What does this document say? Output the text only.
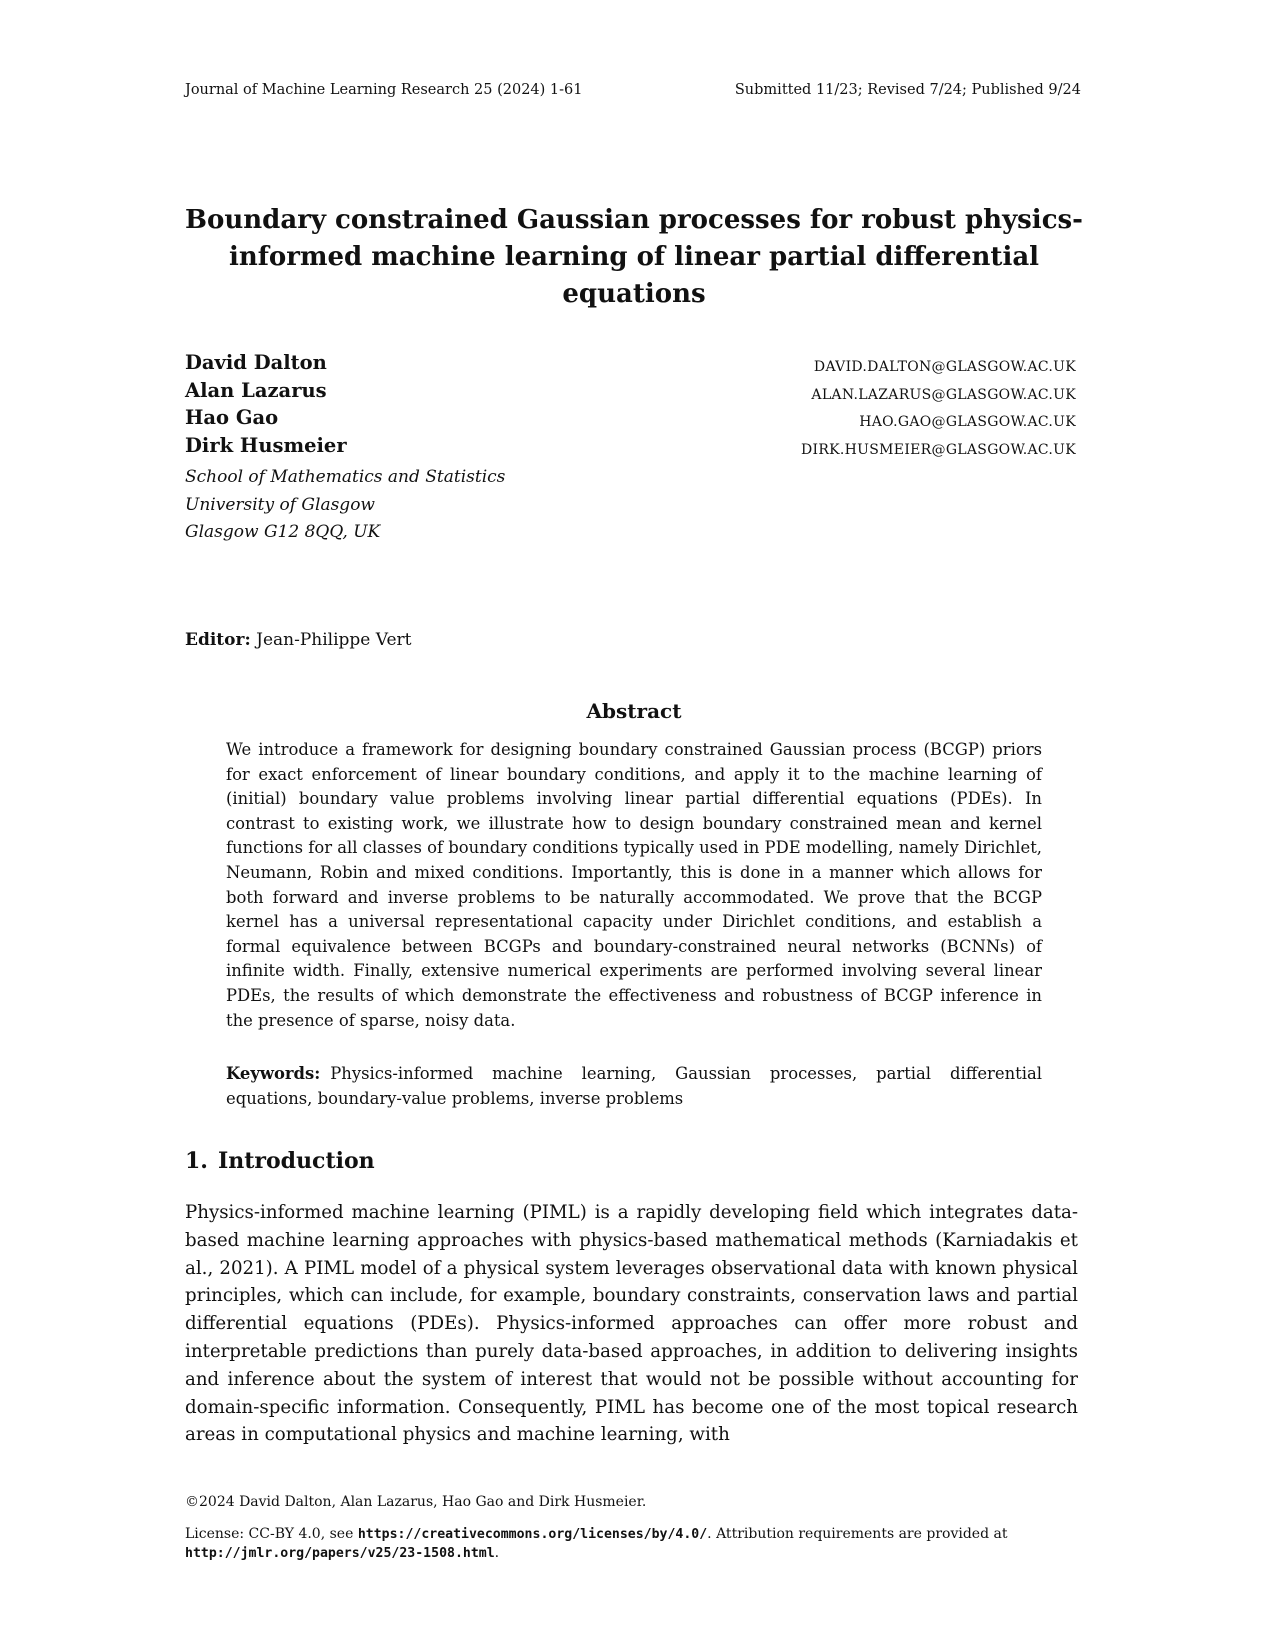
Journal of Machine Learning Research 25 (2024) 1-61	Submitted 11/23; Revised 7/24; Published 9/24
Boundary constrained Gaussian processes for robust physics-informed machine learning of linear partial differential equations
David Dalton
Alan Lazarus
Hao Gao
Dirk Husmeier
DAVID.DALTON@GLASGOW.AC.UK
ALAN.LAZARUS@GLASGOW.AC.UK
HAO.GAO@GLASGOW.AC.UK
DIRK.HUSMEIER@GLASGOW.AC.UK
School of Mathematics and Statistics
University of Glasgow
Glasgow G12 8QQ, UK
Editor: Jean-Philippe Vert
Abstract
We introduce a framework for designing boundary constrained Gaussian process (BCGP) priors for exact enforcement of linear boundary conditions, and apply it to the machine learning of (initial) boundary value problems involving linear partial differential equations (PDEs). In contrast to existing work, we illustrate how to design boundary constrained mean and kernel functions for all classes of boundary conditions typically used in PDE modelling, namely Dirichlet, Neumann, Robin and mixed conditions. Importantly, this is done in a manner which allows for both forward and inverse problems to be naturally accommodated. We prove that the BCGP kernel has a universal representational capacity under Dirichlet conditions, and establish a formal equivalence between BCGPs and boundary-constrained neural networks (BCNNs) of infinite width. Finally, extensive numerical experiments are performed involving several linear PDEs, the results of which demonstrate the effectiveness and robustness of BCGP inference in the presence of sparse, noisy data.
Keywords: Physics-informed machine learning, Gaussian processes, partial differential equations, boundary-value problems, inverse problems
1. Introduction
Physics-informed machine learning (PIML) is a rapidly developing field which integrates data-based machine learning approaches with physics-based mathematical methods (Karniadakis et al., 2021). A PIML model of a physical system leverages observational data with known physical principles, which can include, for example, boundary constraints, conservation laws and partial differential equations (PDEs). Physics-informed approaches can offer more robust and interpretable predictions than purely data-based approaches, in addition to delivering insights and inference about the system of interest that would not be possible without accounting for domain-specific information. Consequently, PIML has become one of the most topical research areas in computational physics and machine learning, with
©2024 David Dalton, Alan Lazarus, Hao Gao and Dirk Husmeier.
License: CC-BY 4.0, see https://creativecommons.org/licenses/by/4.0/. Attribution requirements are provided at http://jmlr.org/papers/v25/23-1508.html.
